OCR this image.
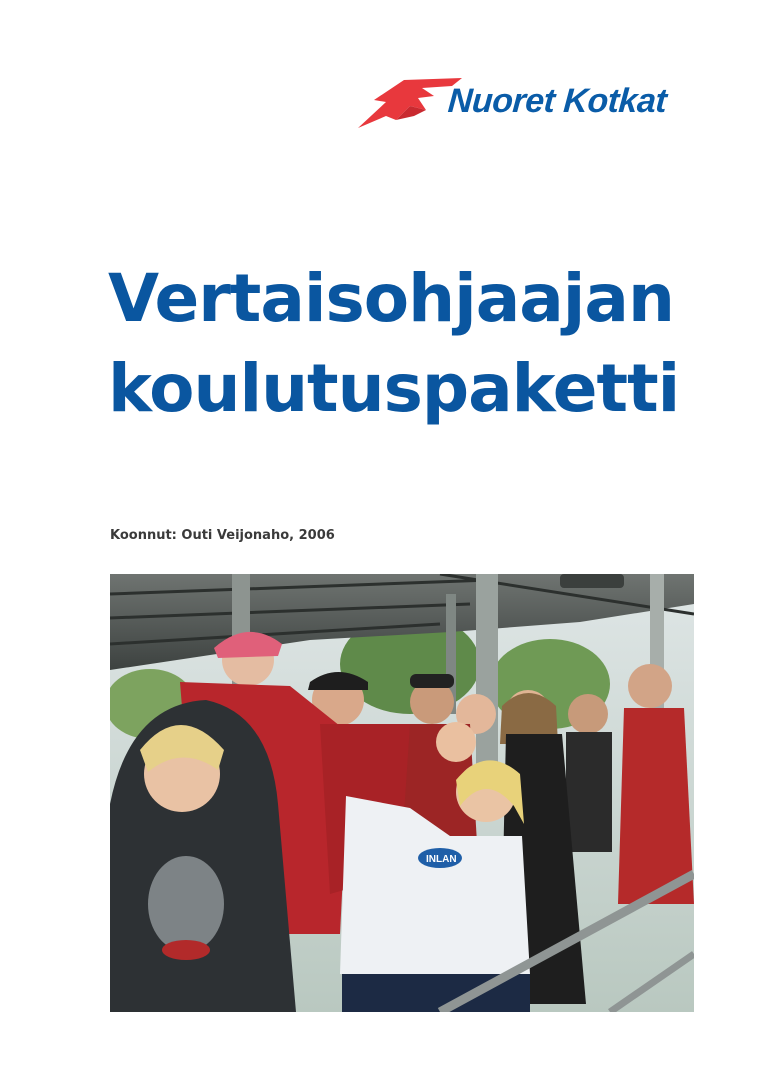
Nuoret Kotkat
Vertaisohjaajan
koulutuspaketti
Koonnut: Outi Veijonaho, 2006
INLAN
